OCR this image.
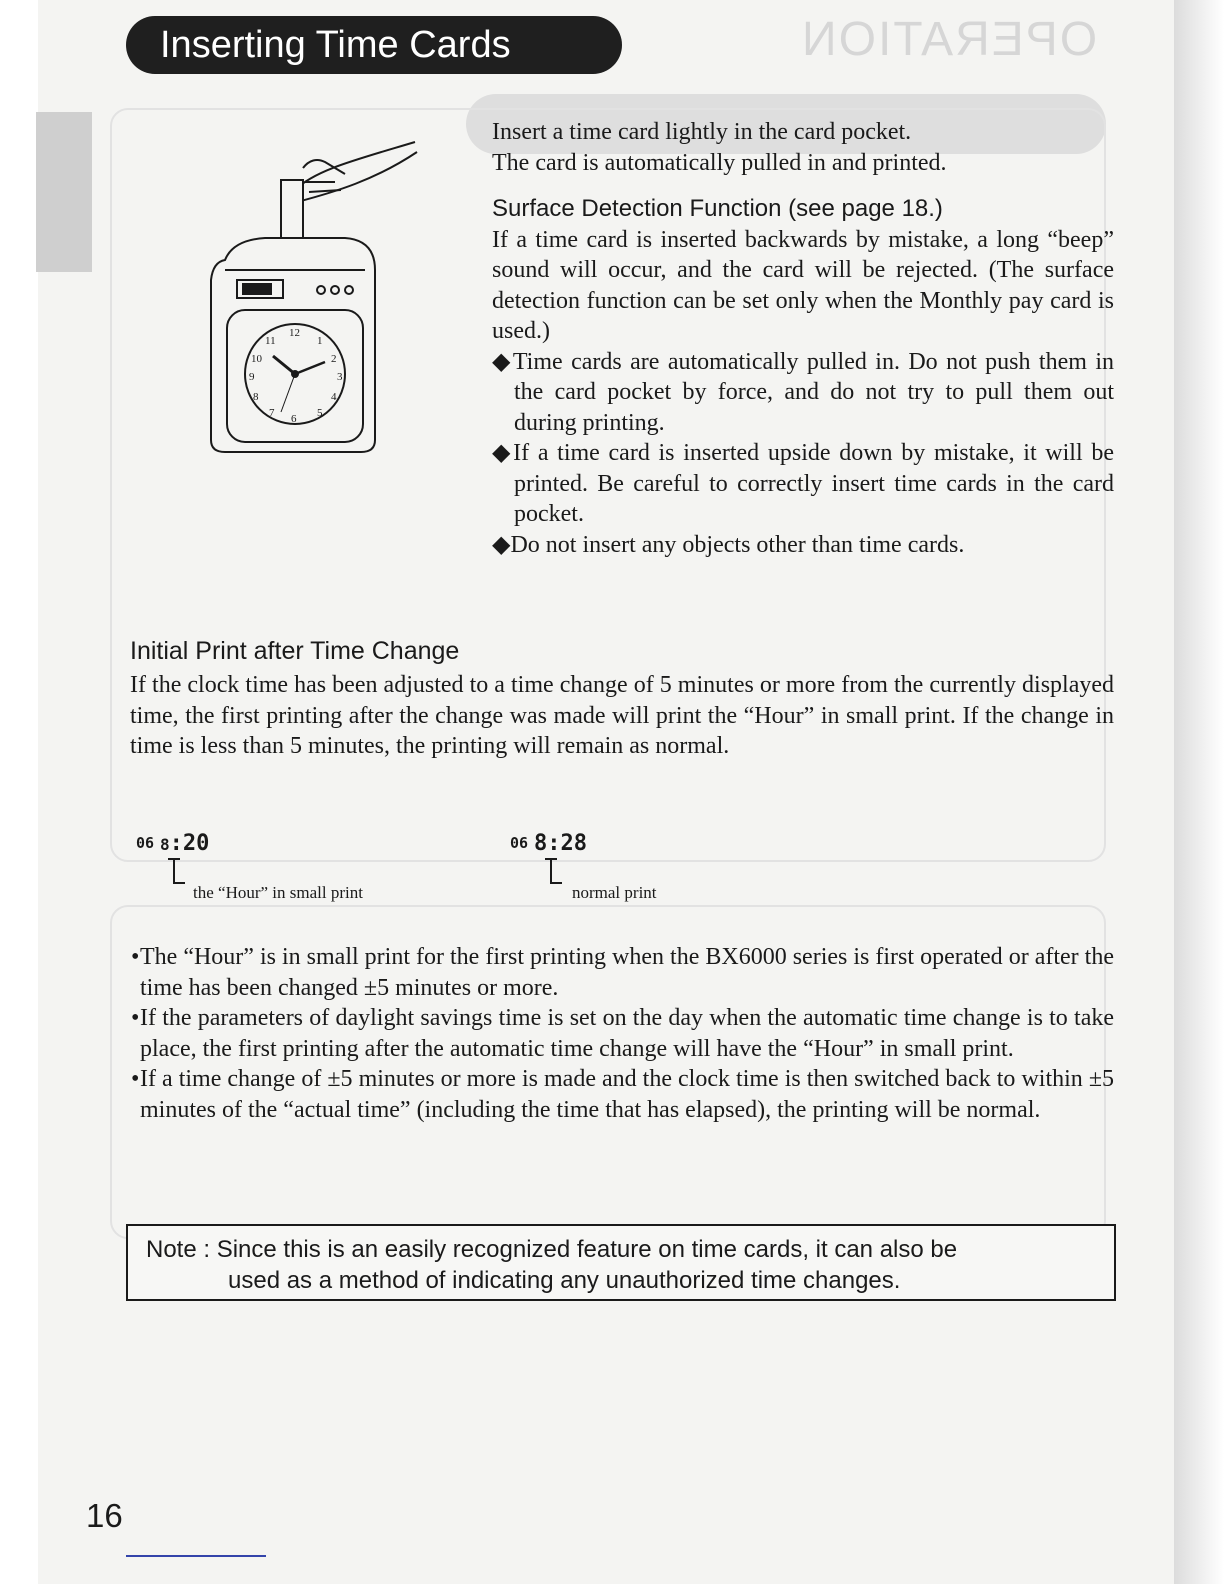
OPERATION
Inserting Time Cards
12
1
2
3
4
5
6
7
8
9
10
11

Insert a time card lightly in the card pocket.

The card is automatically pulled in and printed.

Surface Detection Function (see page 18.)

If a time card is inserted backwards by mistake, a long “beep” sound will occur, and the card will be rejected. (The surface detection function can be set only when the Monthly pay card is used.)

◆Time cards are automatically pulled in. Do not push them in the card pocket by force, and do not try to pull them out during printing.

◆If a time card is inserted upside down by mistake, it will be printed. Be careful to correctly insert time cards in the card pocket.

◆Do not insert any objects other than time cards.

Initial Print after Time Change

If the clock time has been adjusted to a time change of 5 minutes or more from the currently displayed time, the first printing after the change was made will print the “Hour” in small print. If the change in time is less than 5 minutes, the printing will remain as normal.

06 8:20
the “Hour” in small print
06 8:28
normal print

• The “Hour” is in small print for the first printing when the BX6000 series is first operated or after the time has been changed ±5 minutes or more.

• If the parameters of daylight savings time is set on the day when the automatic time change is to take place, the first printing after the automatic time change will have the “Hour” in small print.

• If a time change of ±5 minutes or more is made and the clock time is then switched back to within ±5 minutes of the “actual time” (including the time that has elapsed), the printing will be normal.

Note : Since this is an easily recognized feature on time cards, it can also be
used as a method of indicating any unauthorized time changes.
16
